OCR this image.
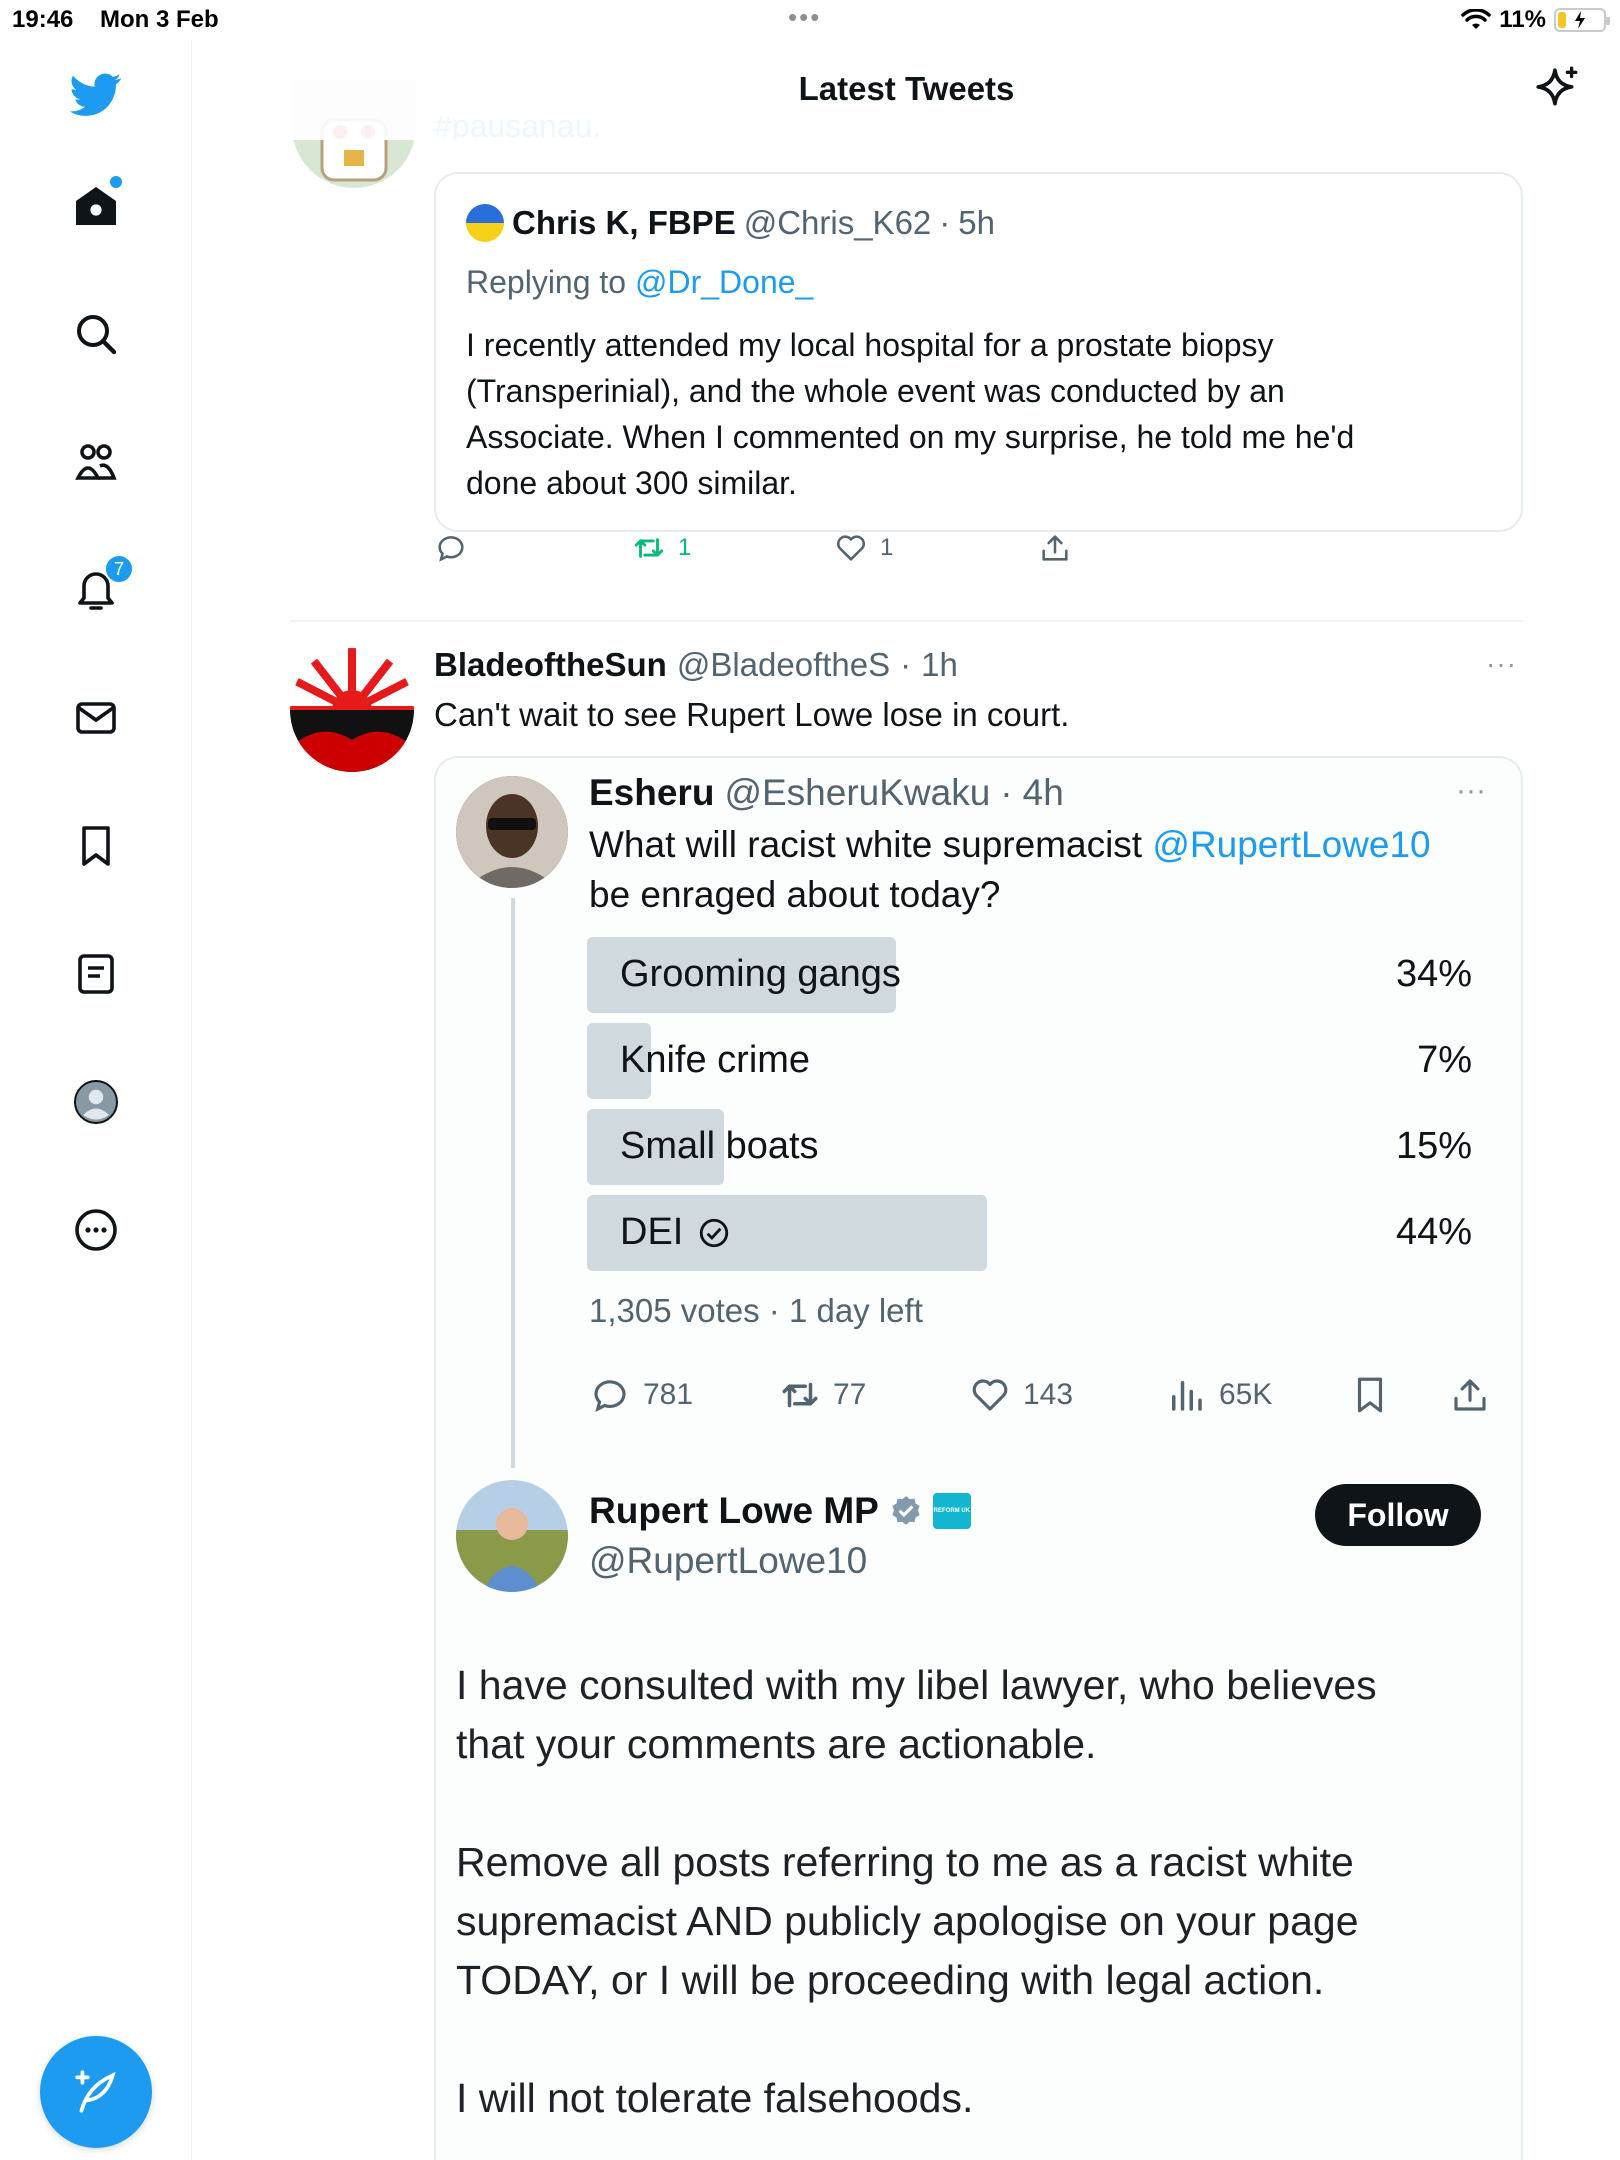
19:46 Mon 3 Feb	•••	11%
7
Latest Tweets
Chris K, FBPE @Chris_K62 · 5h
Replying to @Dr_Done_
I recently attended my local hospital for a prostate biopsy
(Transperinial), and the whole event was conducted by an
Associate. When I commented on my surprise, he told me he'd
done about 300 similar.
1	1
BladeoftheSun @BladeoftheS · 1h	···
Can't wait to see Rupert Lowe lose in court.
Esheru @EsheruKwaku · 4h	···
What will racist white supremacist @RupertLowe10
be enraged about today?
Grooming gangs	34%
Knife crime	7%
Small boats	15%
DEI	44%
1,305 votes · 1 day left
781	77	143	65K
Rupert Lowe MP	REFORM UK
@RupertLowe10
Follow
I have consulted with my libel lawyer, who believes
that your comments are actionable.
Remove all posts referring to me as a racist white
supremacist AND publicly apologise on your page
TODAY, or I will be proceeding with legal action.
I will not tolerate falsehoods.
